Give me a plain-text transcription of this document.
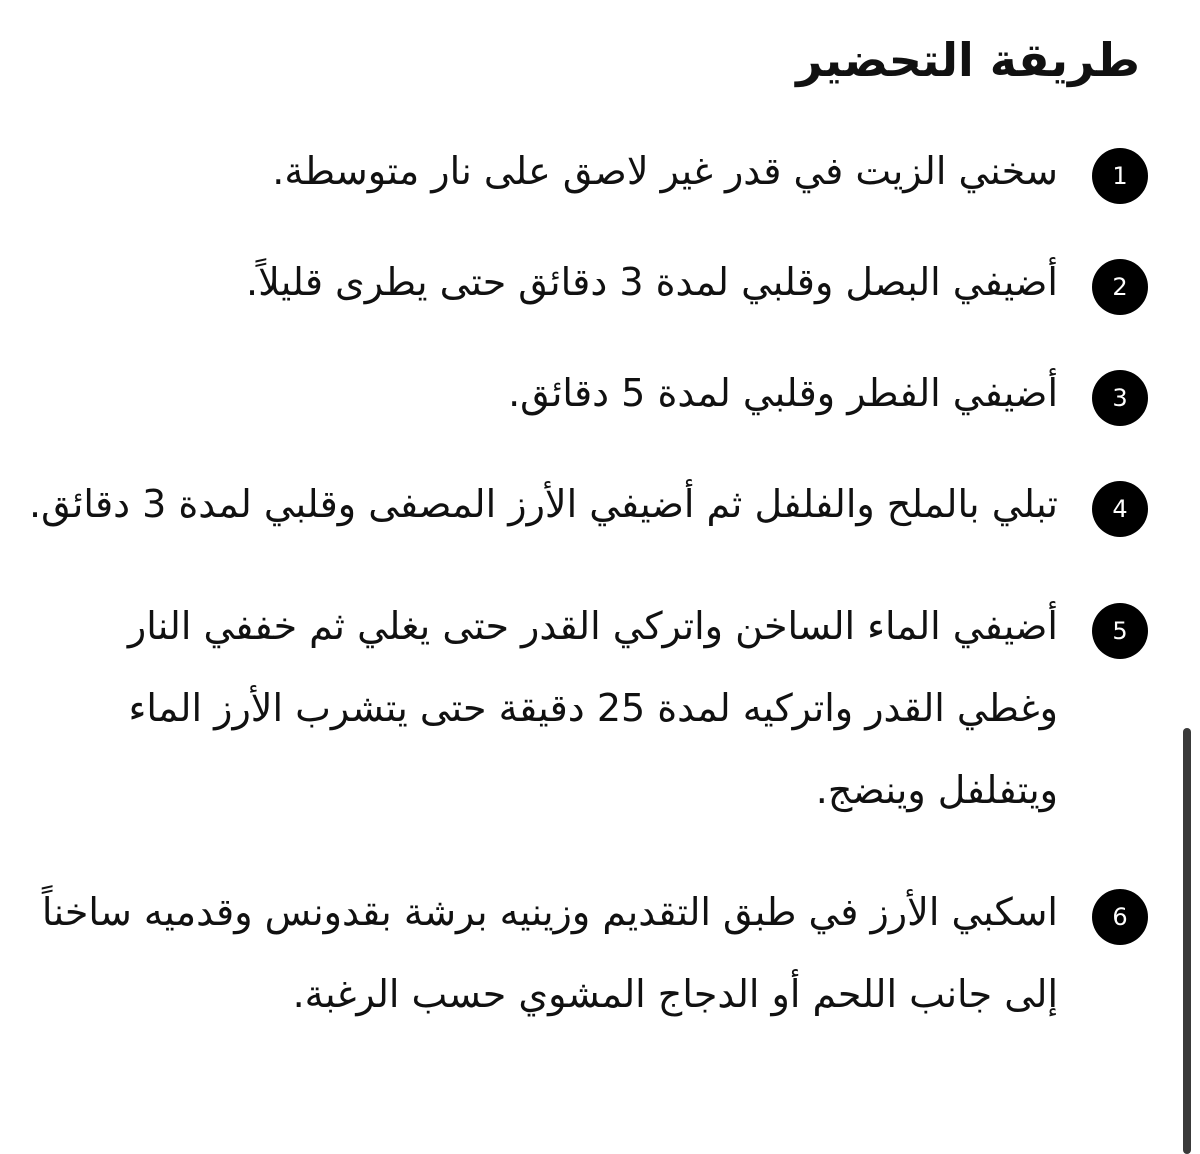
طريقة التحضير
1
سخني الزيت في قدر غير لاصق على نار متوسطة.
2
أضيفي البصل وقلبي لمدة 3 دقائق حتى يطرى قليلاً.
3
أضيفي الفطر وقلبي لمدة 5 دقائق.
4
تبلي بالملح والفلفل ثم أضيفي الأرز المصفى وقلبي لمدة 3 دقائق.
5
أضيفي الماء الساخن واتركي القدر حتى يغلي ثم خففي النار وغطي القدر واتركيه لمدة 25 دقيقة حتى يتشرب الأرز الماء ويتفلفل وينضج.
6
اسكبي الأرز في طبق التقديم وزينيه برشة بقدونس وقدميه ساخناً إلى جانب اللحم أو الدجاج المشوي حسب الرغبة.
